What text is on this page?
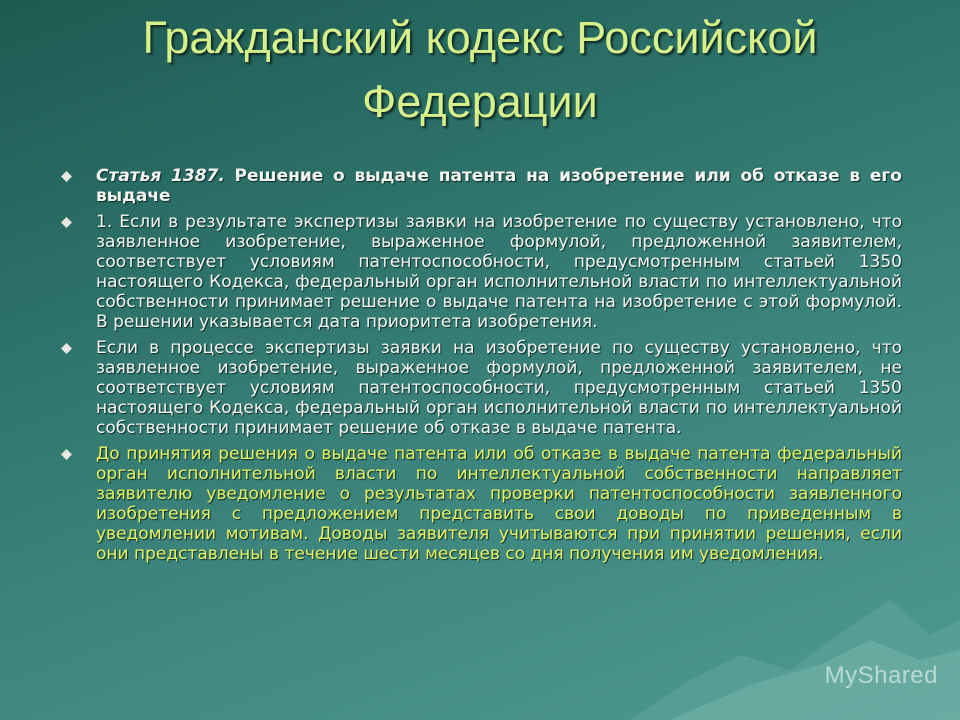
Гражданский кодекс Российской
Федерации
Статья 1387. Решение о выдаче патента на изобретение или об отказе в его выдаче
1. Если в результате экспертизы заявки на изобретение по существу установлено, что заявленное изобретение, выраженное формулой, предложенной заявителем, соответствует условиям патентоспособности, предусмотренным статьей 1350 настоящего Кодекса, федеральный орган исполнительной власти по интеллектуальной собственности принимает решение о выдаче патента на изобретение с этой формулой. В решении указывается дата приоритета изобретения.
Если в процессе экспертизы заявки на изобретение по существу установлено, что заявленное изобретение, выраженное формулой, предложенной заявителем, не соответствует условиям патентоспособности, предусмотренным статьей 1350 настоящего Кодекса, федеральный орган исполнительной власти по интеллектуальной собственности принимает решение об отказе в выдаче патента.
До принятия решения о выдаче патента или об отказе в выдаче патента федеральный орган исполнительной власти по интеллектуальной собственности направляет заявителю уведомление о результатах проверки патентоспособности заявленного изобретения с предложением представить свои доводы по приведенным в уведомлении мотивам. Доводы заявителя учитываются при принятии решения, если они представлены в течение шести месяцев со дня получения им уведомления.
MyShared
